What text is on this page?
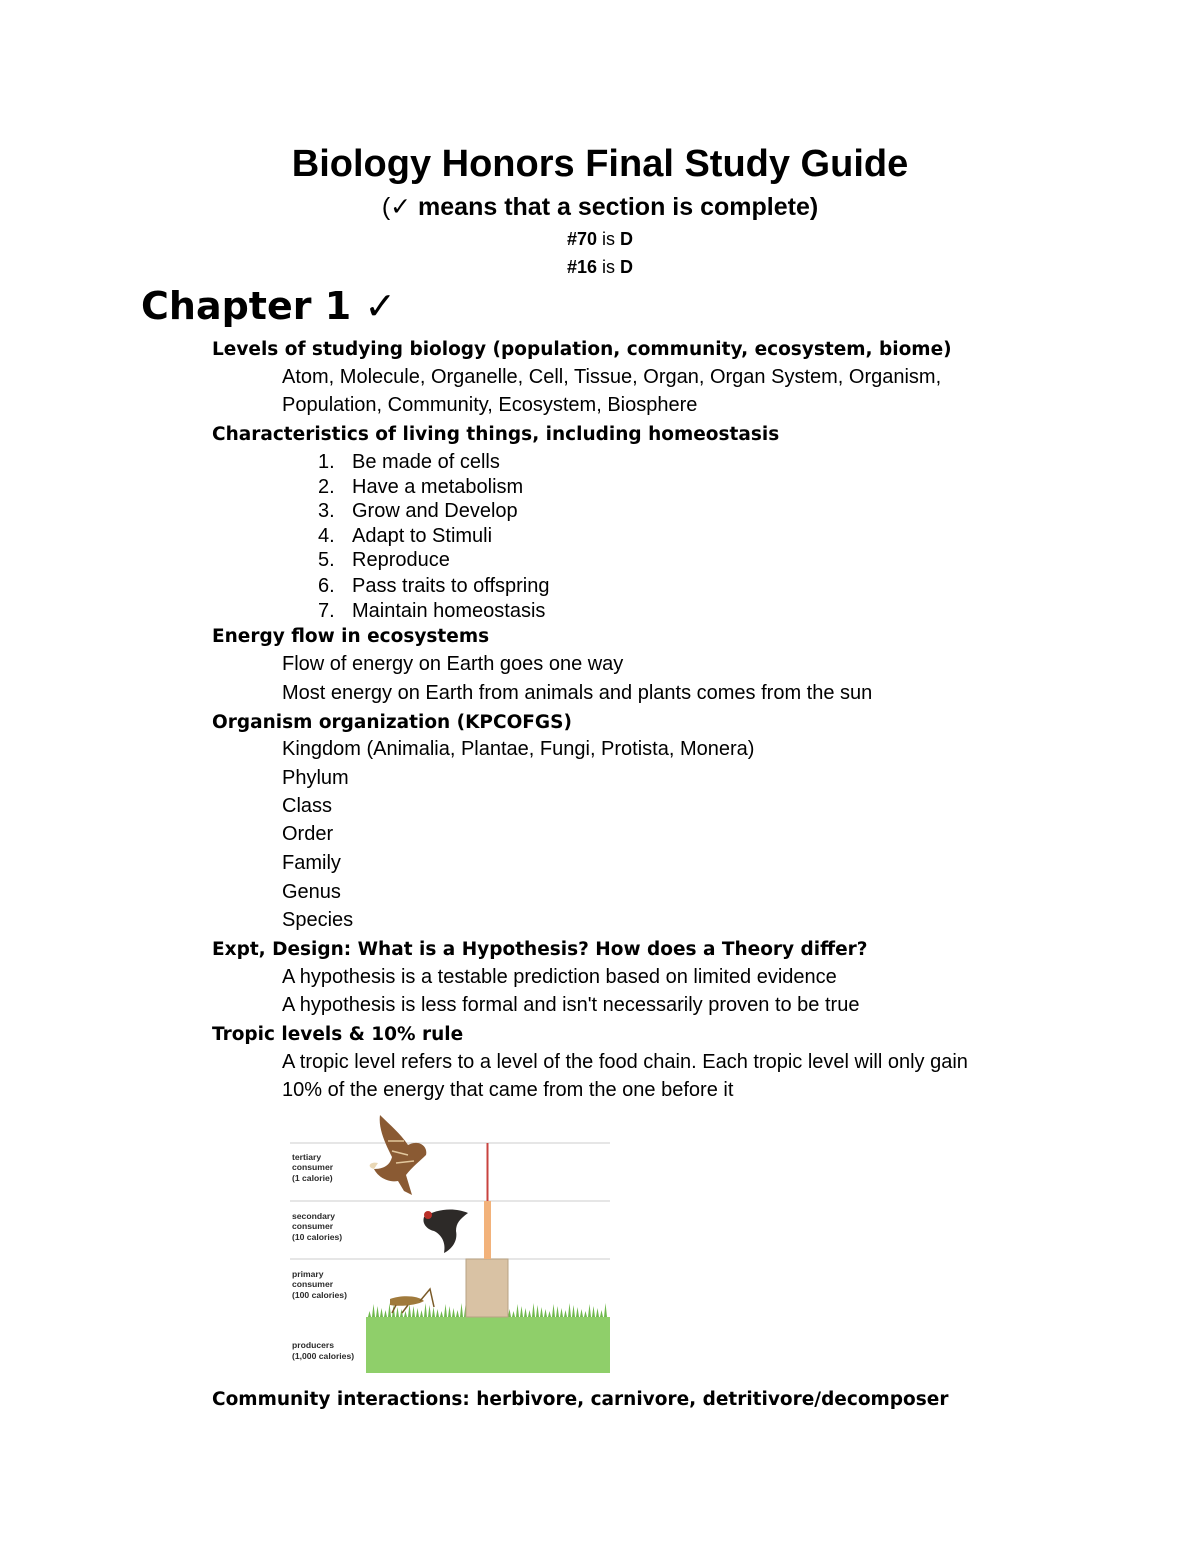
Biology Honors Final Study Guide
(✓ means that a section is complete)
#70 is D
#16 is D
Chapter 1 ✓
Levels of studying biology (population, community, ecosystem, biome)
Atom, Molecule, Organelle, Cell, Tissue, Organ, Organ System, Organism,
Population, Community, Ecosystem, Biosphere
Characteristics of living things, including homeostasis
1. Be made of cells
2. Have a metabolism
3. Grow and Develop
4. Adapt to Stimuli
5. Reproduce
6. Pass traits to offspring
7. Maintain homeostasis
Energy flow in ecosystems
Flow of energy on Earth goes one way
Most energy on Earth from animals and plants comes from the sun
Organism organization (KPCOFGS)
Kingdom (Animalia, Plantae, Fungi, Protista, Monera)
Phylum
Class
Order
Family
Genus
Species
Expt, Design: What is a Hypothesis? How does a Theory differ?
A hypothesis is a testable prediction based on limited evidence
A hypothesis is less formal and isn't necessarily proven to be true
Tropic levels & 10% rule
A tropic level refers to a level of the food chain. Each tropic level will only gain
10% of the energy that came from the one before it
tertiary
consumer
(1 calorie)
secondary
consumer
(10 calories)
primary
consumer
(100 calories)
producers
(1,000 calories)
Community interactions: herbivore, carnivore, detritivore/decomposer
